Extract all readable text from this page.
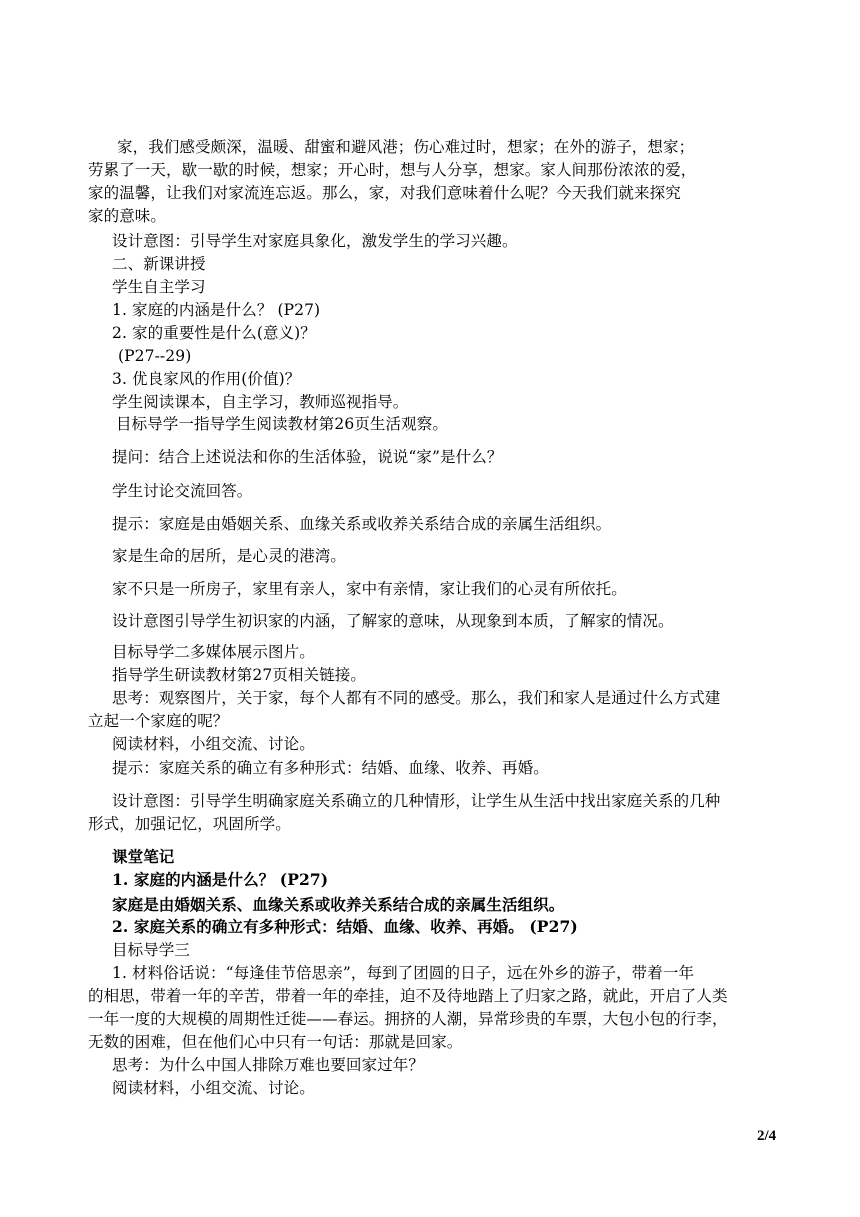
家，我们感受颇深，温暖、甜蜜和避风港；伤心难过时，想家；在外的游子，想家；
劳累了一天，歇一歇的时候，想家；开心时，想与人分享，想家。家人间那份浓浓的爱，
家的温馨，让我们对家流连忘返。那么，家，对我们意味着什么呢？今天我们就来探究
家的意味。
设计意图：引导学生对家庭具象化，激发学生的学习兴趣。
二、新课讲授
学生自主学习
1. 家庭的内涵是什么？ (P27)
2. 家的重要性是什么(意义)？
(P27--29)
3. 优良家风的作用(价值)？
学生阅读课本，自主学习，教师巡视指导。
目标导学一指导学生阅读教材第26页生活观察。
提问：结合上述说法和你的生活体验，说说“家”是什么？
学生讨论交流回答。
提示：家庭是由婚姻关系、血缘关系或收养关系结合成的亲属生活组织。
家是生命的居所，是心灵的港湾。
家不只是一所房子，家里有亲人，家中有亲情，家让我们的心灵有所依托。
设计意图引导学生初识家的内涵，了解家的意味，从现象到本质，了解家的情况。
目标导学二多媒体展示图片。
指导学生研读教材第27页相关链接。
思考：观察图片，关于家，每个人都有不同的感受。那么，我们和家人是通过什么方式建
立起一个家庭的呢？
阅读材料，小组交流、讨论。
提示：家庭关系的确立有多种形式：结婚、血缘、收养、再婚。
设计意图：引导学生明确家庭关系确立的几种情形，让学生从生活中找出家庭关系的几种
形式，加强记忆，巩固所学。
课堂笔记
1. 家庭的内涵是什么？ (P27)
家庭是由婚姻关系、血缘关系或收养关系结合成的亲属生活组织。
2. 家庭关系的确立有多种形式：结婚、血缘、收养、再婚。 (P27)
目标导学三
1. 材料俗话说：“每逢佳节倍思亲”，每到了团圆的日子，远在外乡的游子，带着一年
的相思，带着一年的辛苦，带着一年的牵挂，迫不及待地踏上了归家之路，就此，开启了人类
一年一度的大规模的周期性迁徙——春运。拥挤的人潮，异常珍贵的车票，大包小包的行李，
无数的困难，但在他们心中只有一句话：那就是回家。
思考：为什么中国人排除万难也要回家过年？
阅读材料，小组交流、讨论。
2/4
